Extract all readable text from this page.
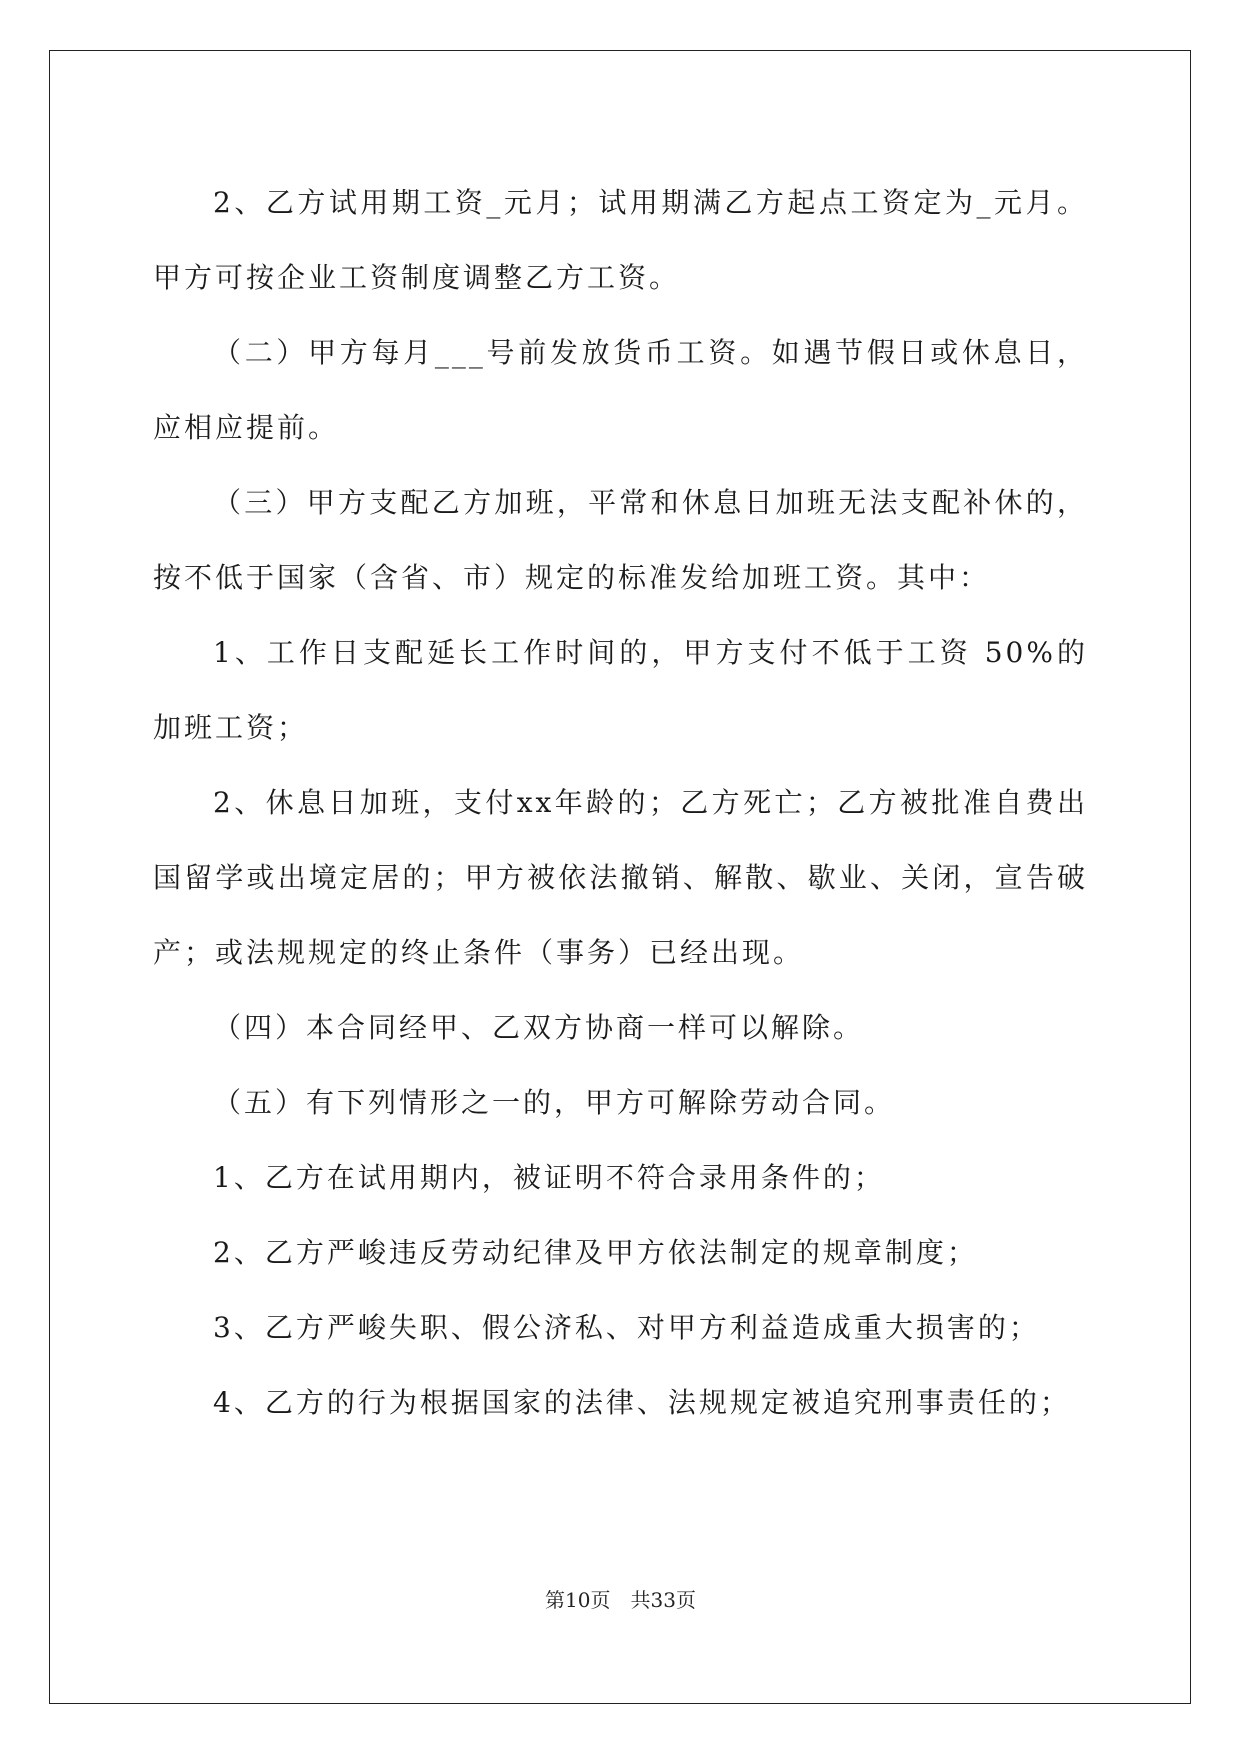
2、乙方试用期工资_元月；试用期满乙方起点工资定为_元月。甲方可按企业工资制度调整乙方工资。

（二）甲方每月___号前发放货币工资。如遇节假日或休息日，应相应提前。

（三）甲方支配乙方加班，平常和休息日加班无法支配补休的，按不低于国家（含省、市）规定的标准发给加班工资。其中：

1、工作日支配延长工作时间的，甲方支付不低于工资 50%的加班工资；

2、休息日加班，支付xx年龄的；乙方死亡；乙方被批准自费出国留学或出境定居的；甲方被依法撤销、解散、歇业、关闭，宣告破产；或法规规定的终止条件（事务）已经出现。

（四）本合同经甲、乙双方协商一样可以解除。

（五）有下列情形之一的，甲方可解除劳动合同。

1、乙方在试用期内，被证明不符合录用条件的；

2、乙方严峻违反劳动纪律及甲方依法制定的规章制度；

3、乙方严峻失职、假公济私、对甲方利益造成重大损害的；

4、乙方的行为根据国家的法律、法规规定被追究刑事责任的；

第10页 共33页
